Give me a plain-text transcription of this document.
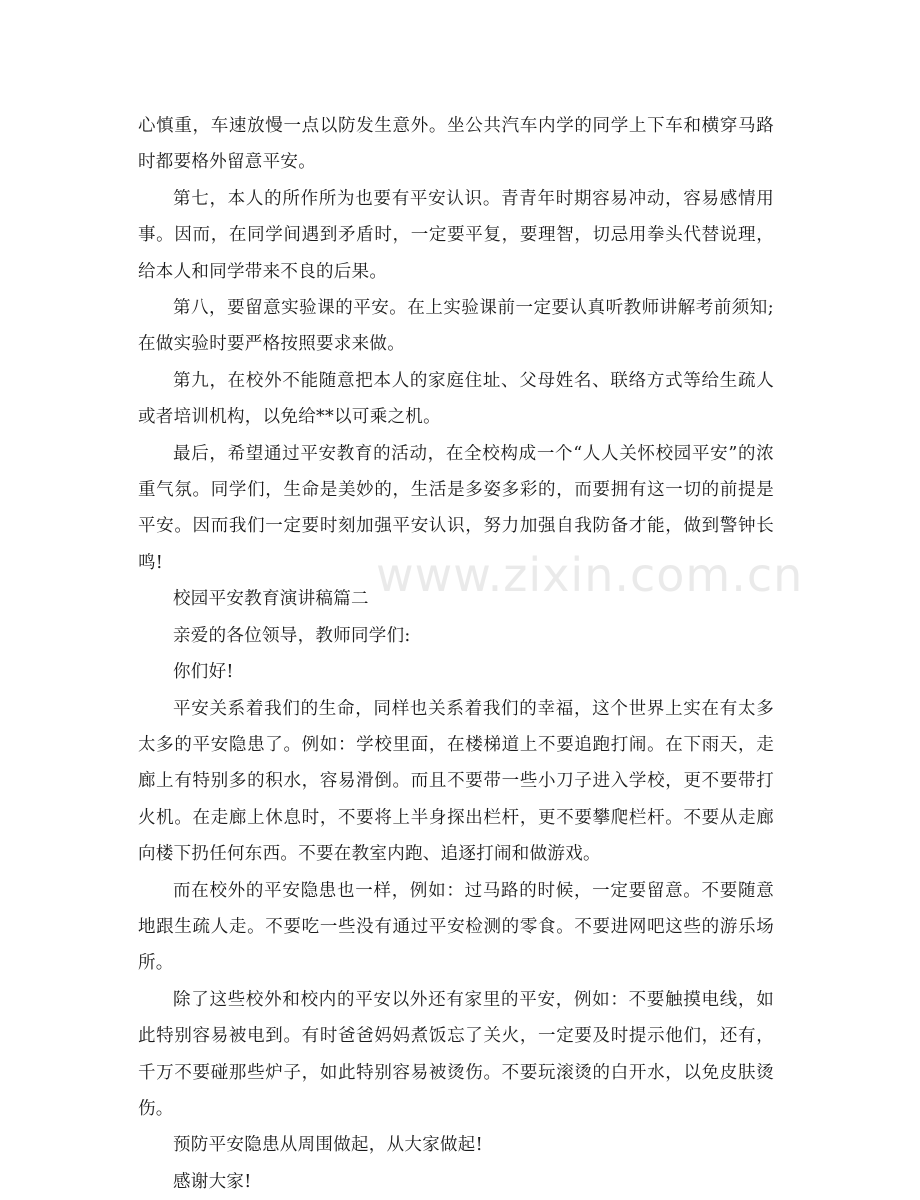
心慎重，车速放慢一点以防发生意外。坐公共汽车内学的同学上下车和横穿马路时都要格外留意平安。

第七，本人的所作所为也要有平安认识。青青年时期容易冲动，容易感情用事。因而，在同学间遇到矛盾时，一定要平复，要理智，切忌用拳头代替说理，给本人和同学带来不良的后果。

第八，要留意实验课的平安。在上实验课前一定要认真听教师讲解考前须知;在做实验时要严格按照要求来做。

第九，在校外不能随意把本人的家庭住址、父母姓名、联络方式等给生疏人或者培训机构，以免给**以可乘之机。

最后，希望通过平安教育的活动，在全校构成一个“人人关怀校园平安”的浓重气氛。同学们，生命是美妙的，生活是多姿多彩的，而要拥有这一切的前提是平安。因而我们一定要时刻加强平安认识，努力加强自我防备才能，做到警钟长鸣!

校园平安教育演讲稿篇二

亲爱的各位领导，教师同学们:

你们好!

平安关系着我们的生命，同样也关系着我们的幸福，这个世界上实在有太多太多的平安隐患了。例如：学校里面，在楼梯道上不要追跑打闹。在下雨天，走廊上有特别多的积水，容易滑倒。而且不要带一些小刀子进入学校，更不要带打火机。在走廊上休息时，不要将上半身探出栏杆，更不要攀爬栏杆。不要从走廊向楼下扔任何东西。不要在教室内跑、追逐打闹和做游戏。

而在校外的平安隐患也一样，例如：过马路的时候，一定要留意。不要随意地跟生疏人走。不要吃一些没有通过平安检测的零食。不要进网吧这些的游乐场所。

除了这些校外和校内的平安以外还有家里的平安，例如：不要触摸电线，如此特别容易被电到。有时爸爸妈妈煮饭忘了关火，一定要及时提示他们，还有，千万不要碰那些炉子，如此特别容易被烫伤。不要玩滚烫的白开水，以免皮肤烫伤。

预防平安隐患从周围做起，从大家做起!

感谢大家!

www.zixin.com.cn
